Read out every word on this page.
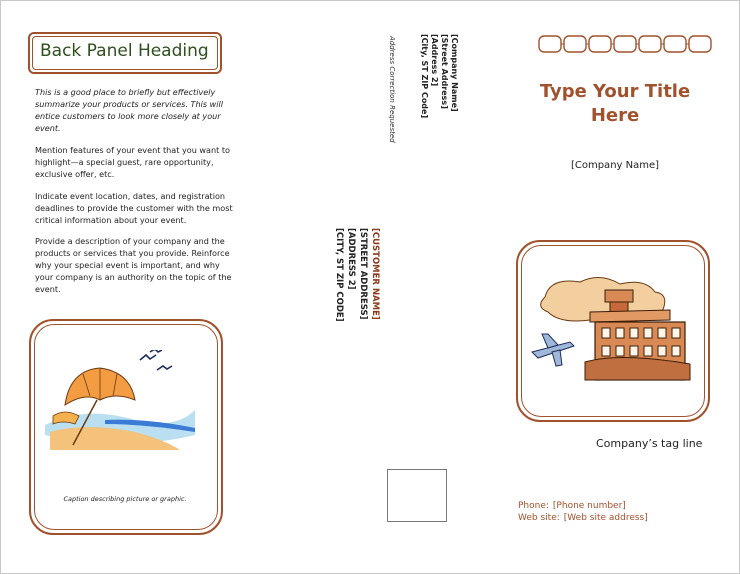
Back Panel Heading
This is a good place to briefly but effectively summarize your products or services. This will entice customers to look more closely at your event.
Mention features of your event that you want to highlight—a special guest, rare opportunity, exclusive offer, etc.
Indicate event location, dates, and registration deadlines to provide the customer with the most critical information about your event.
Provide a description of your company and the products or services that you provide. Reinforce why your special event is important, and why your company is an authority on the topic of the event.
Caption describing picture or graphic.
Address Correction Requested	[Company Name]
[Street Address]
[Address 2]
[City, ST ZIP Code]
[CUSTOMER NAME]
[STREET ADDRESS]
[ADDRESS 2]
[CITY, ST ZIP CODE]
Type Your Title Here
[Company Name]
Company’s tag line
Phone: [Phone number]
Web site: [Web site address]
